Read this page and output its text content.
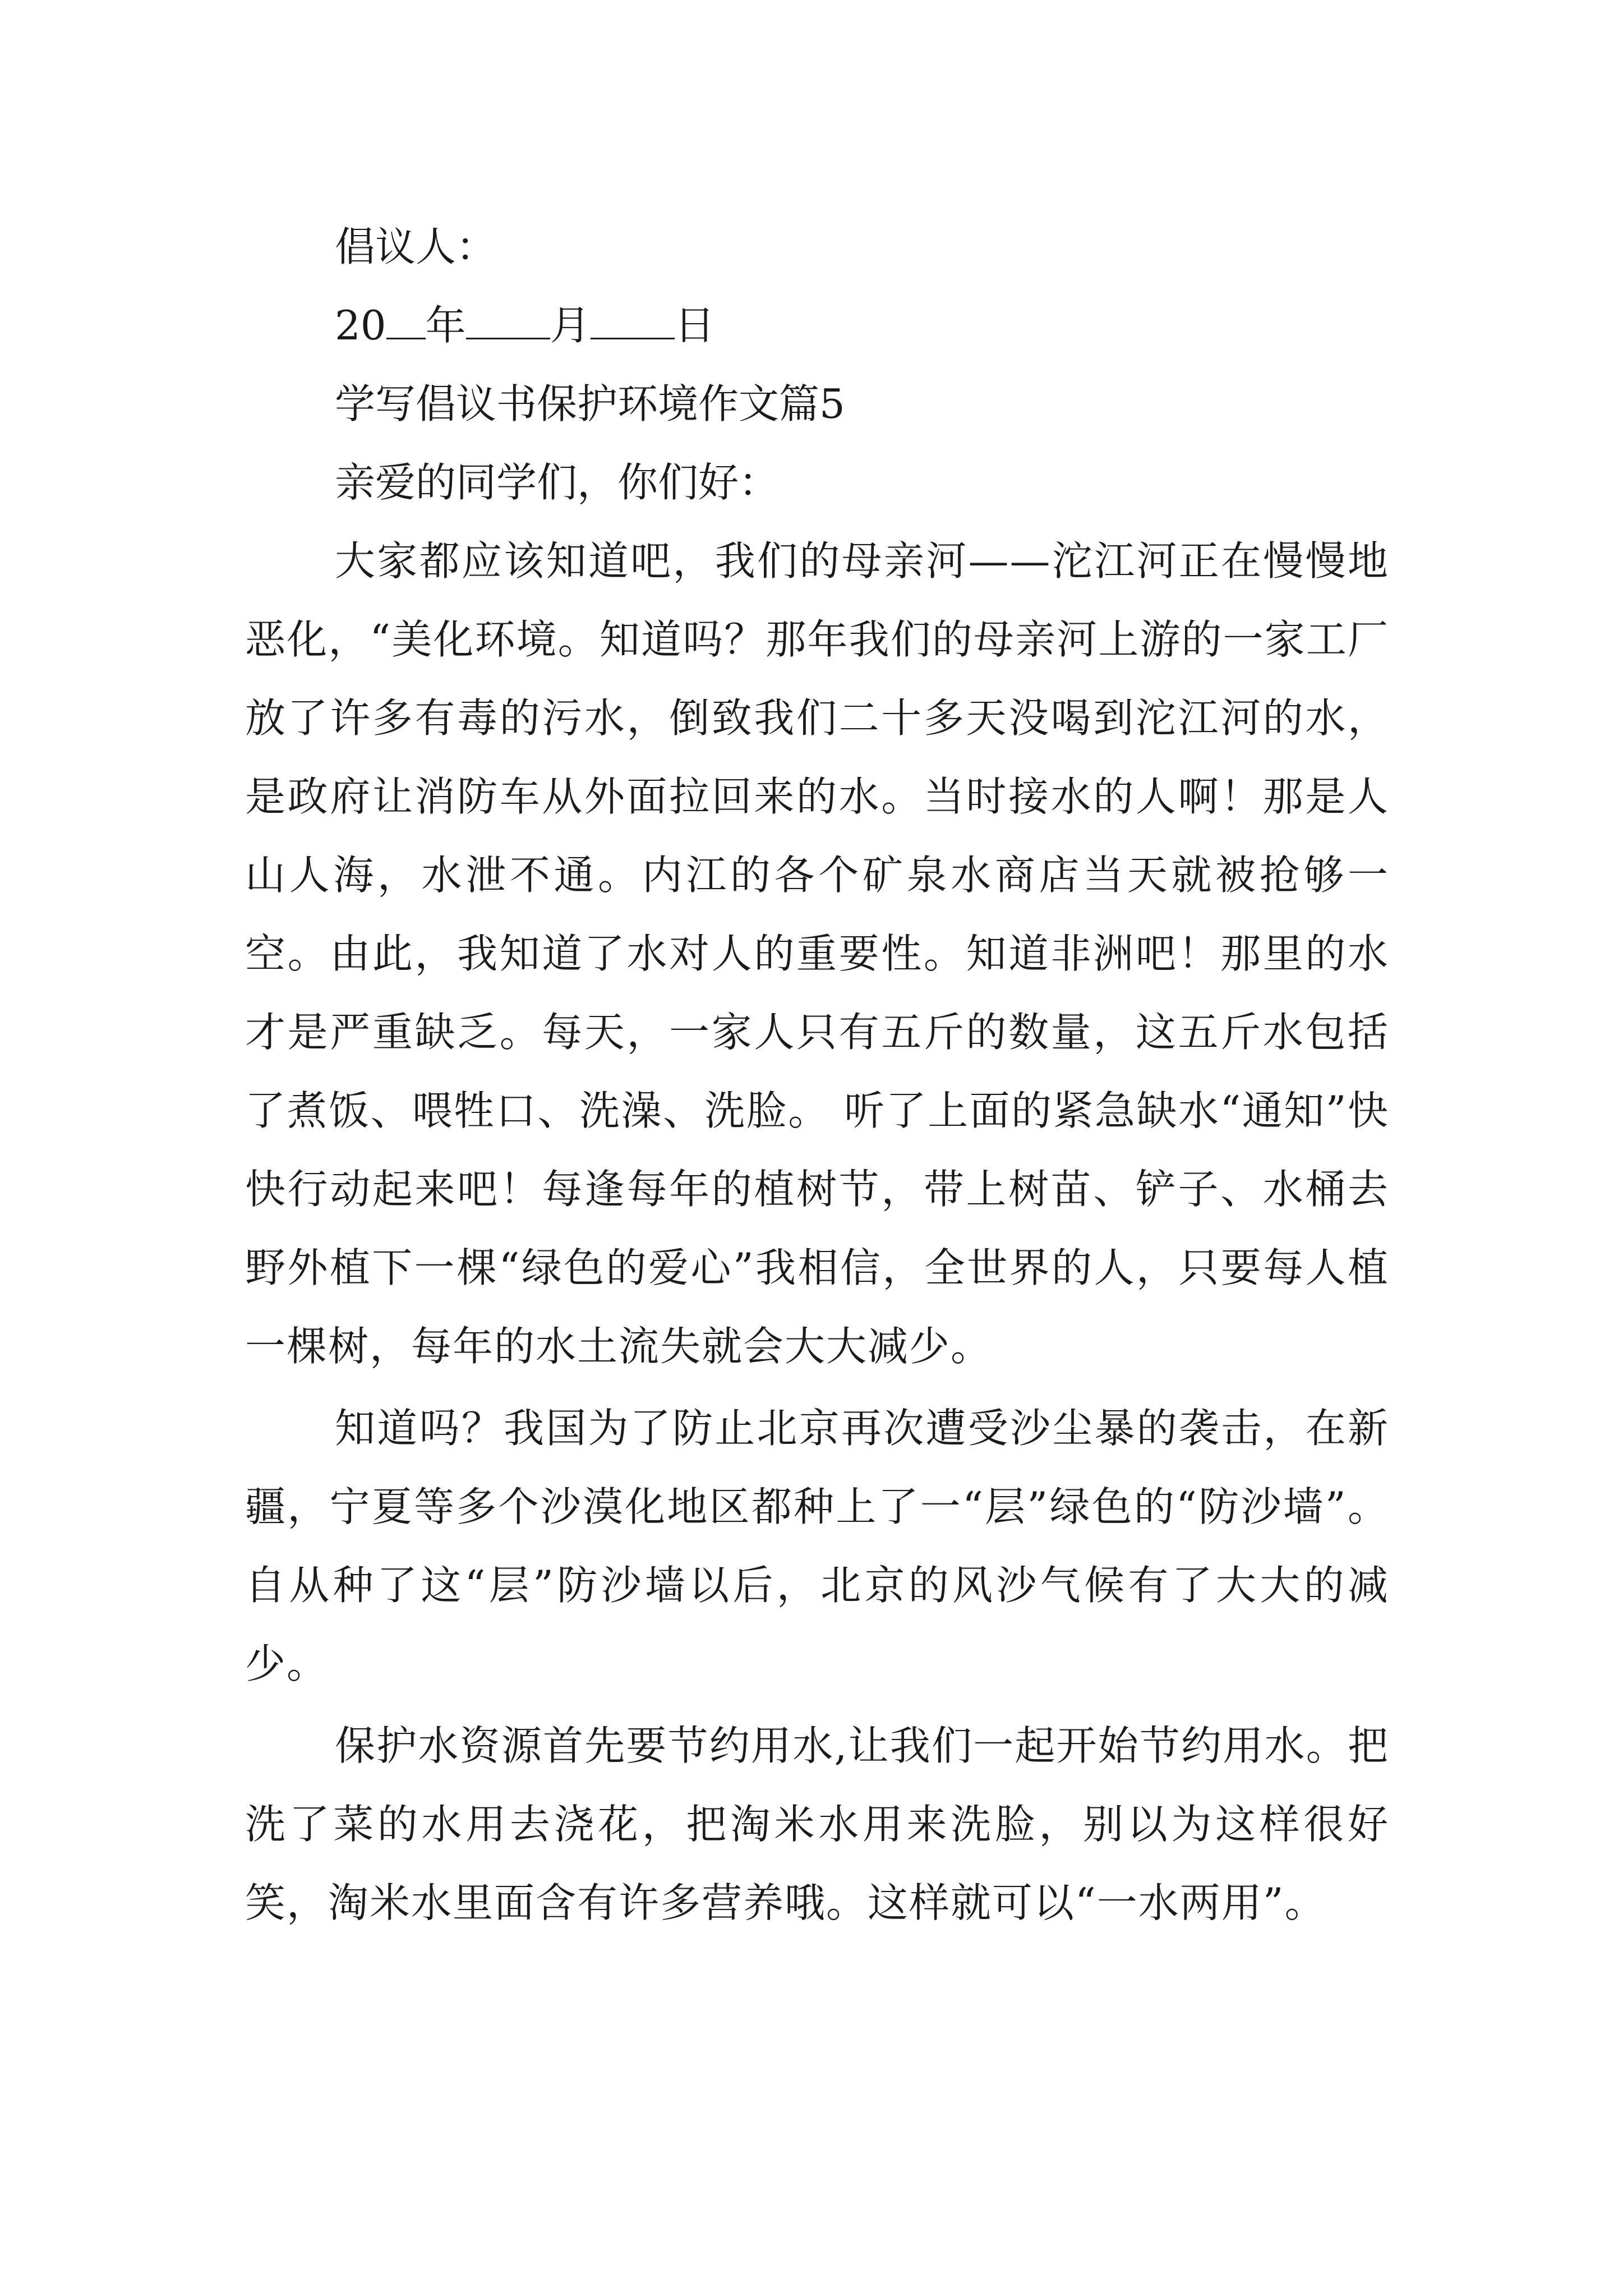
倡议人：
20 年 月 日
学写倡议书保护环境作文篇5
亲爱的同学们，你们好：

大家都应该知道吧，我们的母亲河——沱江河正在慢慢地恶化，“美化环境。知道吗？那年我们的母亲河上游的一家工厂放了许多有毒的污水，倒致我们二十多天没喝到沱江河的水，是政府让消防车从外面拉回来的水。当时接水的人啊！那是人山人海，水泄不通。内江的各个矿泉水商店当天就被抢够一空。由此，我知道了水对人的重要性。知道非洲吧！那里的水才是严重缺乏。每天，一家人只有五斤的数量，这五斤水包括了煮饭、喂牲口、洗澡、洗脸。 听了上面的紧急缺水“通知”快快行动起来吧！每逢每年的植树节，带上树苗、铲子、水桶去野外植下一棵“绿色的爱心”我相信，全世界的人，只要每人植一棵树，每年的水土流失就会大大减少。

知道吗？我国为了防止北京再次遭受沙尘暴的袭击，在新疆，宁夏等多个沙漠化地区都种上了一“层”绿色的“防沙墙”。自从种了这“层”防沙墙以后，北京的风沙气候有了大大的减少。

保护水资源首先要节约用水,让我们一起开始节约用水。把洗了菜的水用去浇花，把淘米水用来洗脸，别以为这样很好笑，淘米水里面含有许多营养哦。这样就可以“一水两用”。
